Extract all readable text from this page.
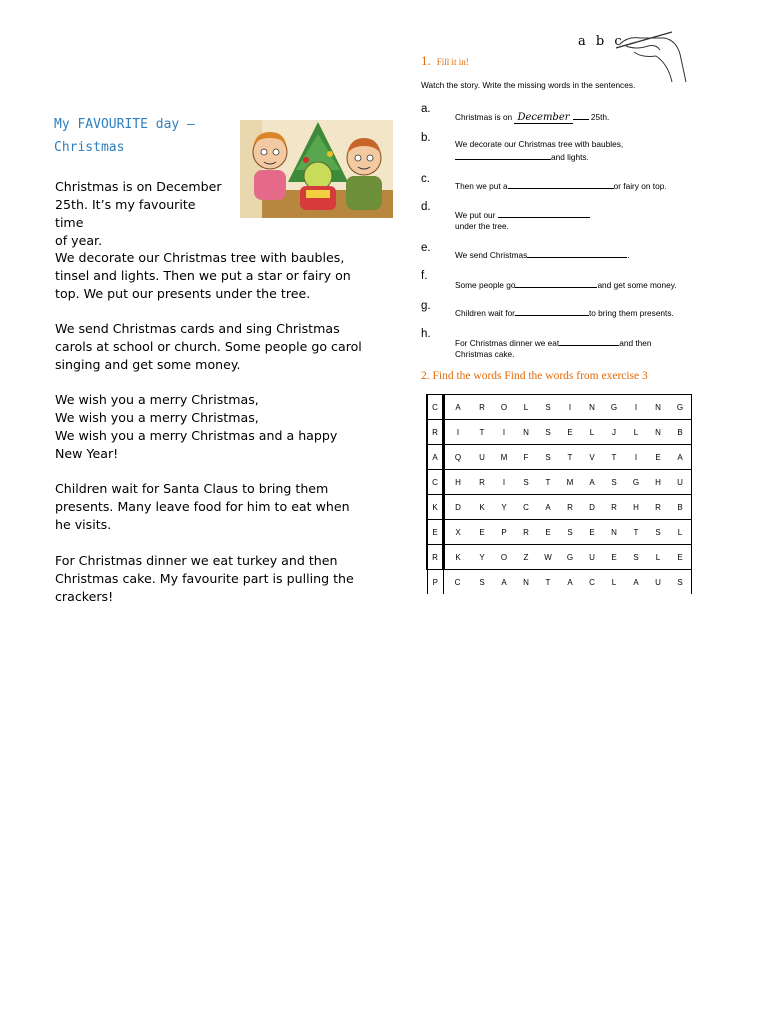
My FAVOURITE day –
Christmas

Christmas is on December

25th. It’s my favourite time

of year.

We decorate our Christmas tree with baubles, tinsel and lights. Then we put a star or fairy on top. We put our presents under the tree.

We send Christmas cards and sing Christmas carols at school or church. Some people go carol singing and get some money.

We wish you a merry Christmas,

We wish you a merry Christmas,

We wish you a merry Christmas and a happy New Year!

Children wait for Santa Claus to bring them presents. Many leave food for him to eat when he visits.

For Christmas dinner we eat turkey and then Christmas cake. My favourite part is pulling the crackers!

a b c
1. Fill it in!
Watch the story. Write the missing words in the sentences.
a.
Christmas is on December	25th.
b.	We decorate our Christmas tree with baubles,
and lights.
c.
Then we put a	or fairy on top.
d.
We put our
under the tree.
e.
We send Christmas	.
f.
Some people go	and get some money.
g.
Children wait for	to bring them presents.
h.
For Christmas dinner we eat	and then
Christmas cake.
2. Find the words Find the words from exercise 3
C	A	R	O	L	S	I	N	G	I	N	G
R	I	T	I	N	S	E	L	J	L	N	B
A	Q	U	M	F	S	T	V	T	I	E	A
C	H	R	I	S	T	M	A	S	G	H	U
K	D	K	Y	C	A	R	D	R	H	R	B
E	X	E	P	R	E	S	E	N	T	S	L
R	K	Y	O	Z	W	G	U	E	S	L	E
P	C	S	A	N	T	A	C	L	A	U	S
